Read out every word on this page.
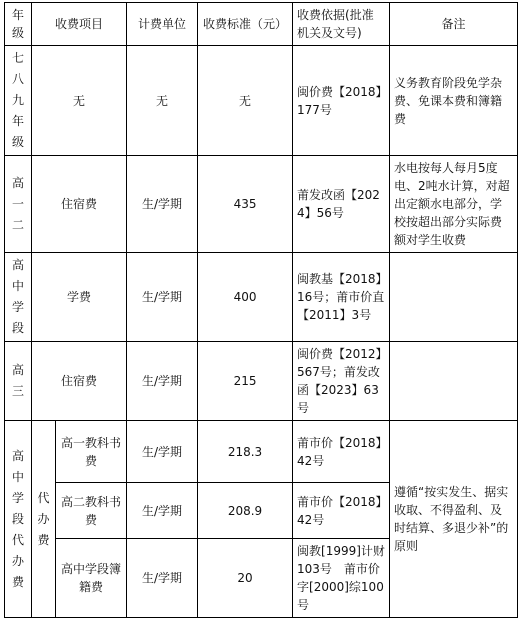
年级	收费项目		计费单位	收费标准（元）	收费依据(批准机关及文号)	备注
七八九年级	无		无	无	闽价费【2018】177号	义务教育阶段免学杂费、免课本费和簿籍费
高一二	住宿费		生/学期	435	莆发改函【2024】56号	水电按每人每月5度电、2吨水计算，对超出定额水电部分，学校按超出部分实际费额对学生收费
高中学段	学费		生/学期	400	闽教基【2018】16号；莆市价直【2011】3号	
高三	住宿费		生/学期	215	闽价费【2012】567号；莆发改函【2023】63号	
高中学段代办费	代办费	高一教科书费	生/学期	218.3	莆市价【2018】42号	遵循“按实发生、据实收取、不得盈利、及时结算、多退少补”的原则
		高二教科书费	生/学期	208.9	莆市价【2018】42号	
		高中学段簿籍费	生/学期	20	闽教[1999]计财103号　莆市价字[2000]综100号	
